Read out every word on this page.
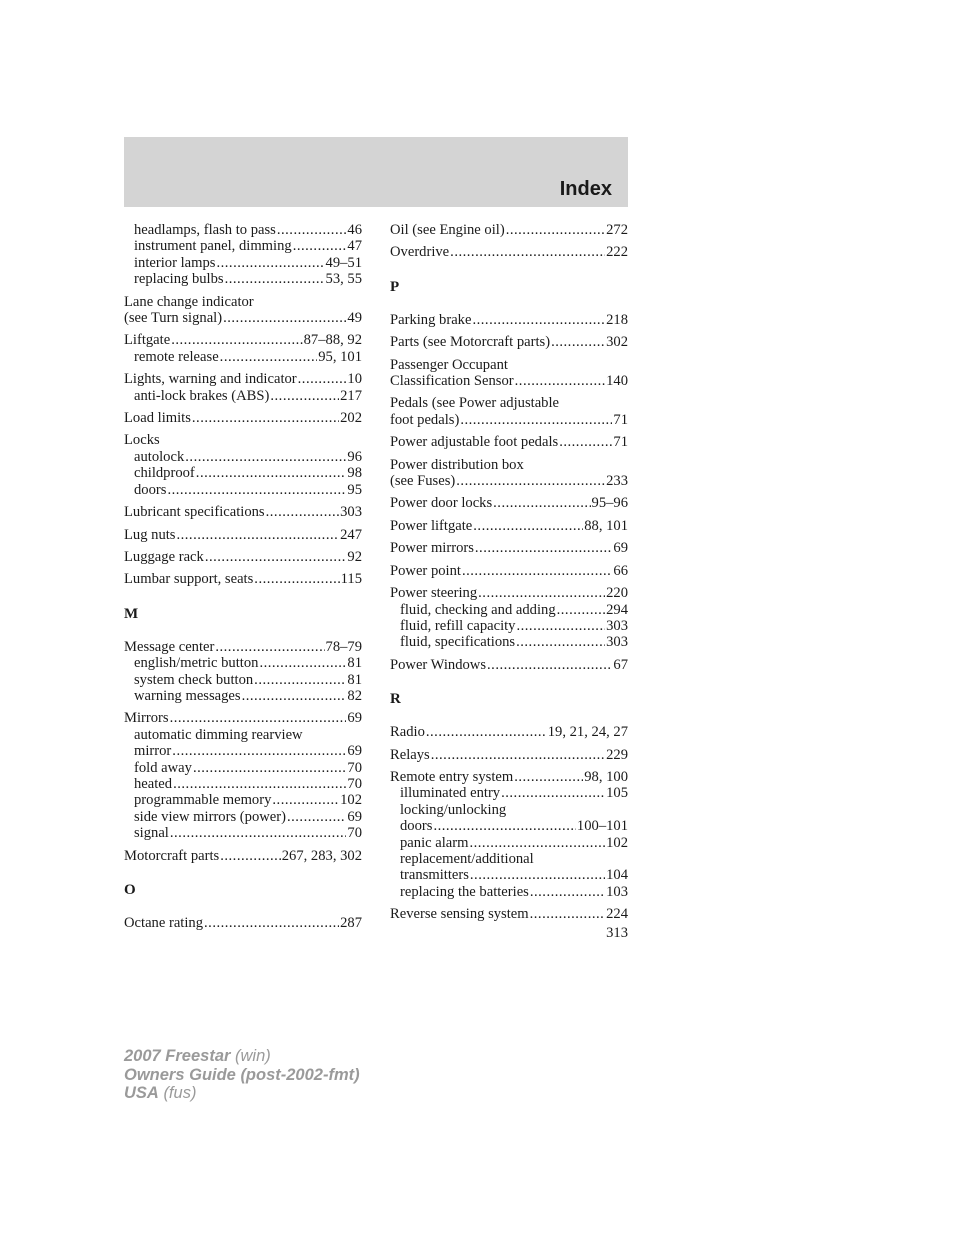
Index
headlamps, flash to pass .....	46
instrument panel, dimming .....	47
interior lamps .....	49–51
replacing bulbs .....	53, 55
Lane change indicator
(see Turn signal) .....	49
Liftgate .....	87–88, 92
remote release .....	95, 101
Lights, warning and indicator .....	10
anti-lock brakes (ABS) .....	217
Load limits .....	202
Locks
autolock .....	96
childproof .....	98
doors .....	95
Lubricant specifications .....	303
Lug nuts .....	247
Luggage rack .....	92
Lumbar support, seats .....	115
M
Message center .....	78–79
english/metric button .....	81
system check button .....	81
warning messages .....	82
Mirrors .....	69
automatic dimming rearview
mirror .....	69
fold away .....	70
heated .....	70
programmable memory .....	102
side view mirrors (power) .....	69
signal .....	70
Motorcraft parts .....	267, 283, 302
O
Octane rating .....	287
Oil (see Engine oil) .....	272
Overdrive .....	222
P
Parking brake .....	218
Parts (see Motorcraft parts) .....	302
Passenger Occupant
Classification Sensor .....	140
Pedals (see Power adjustable
foot pedals) .....	71
Power adjustable foot pedals .....	71
Power distribution box
(see Fuses) .....	233
Power door locks .....	95–96
Power liftgate .....	88, 101
Power mirrors .....	69
Power point .....	66
Power steering .....	220
fluid, checking and adding .....	294
fluid, refill capacity .....	303
fluid, specifications .....	303
Power Windows .....	67
R
Radio .....	19, 21, 24, 27
Relays .....	229
Remote entry system .....	98, 100
illuminated entry .....	105
locking/unlocking
doors .....	100–101
panic alarm .....	102
replacement/additional
transmitters .....	104
replacing the batteries .....	103
Reverse sensing system .....	224
313
2007 Freestar (win)
Owners Guide (post-2002-fmt)
USA (fus)
